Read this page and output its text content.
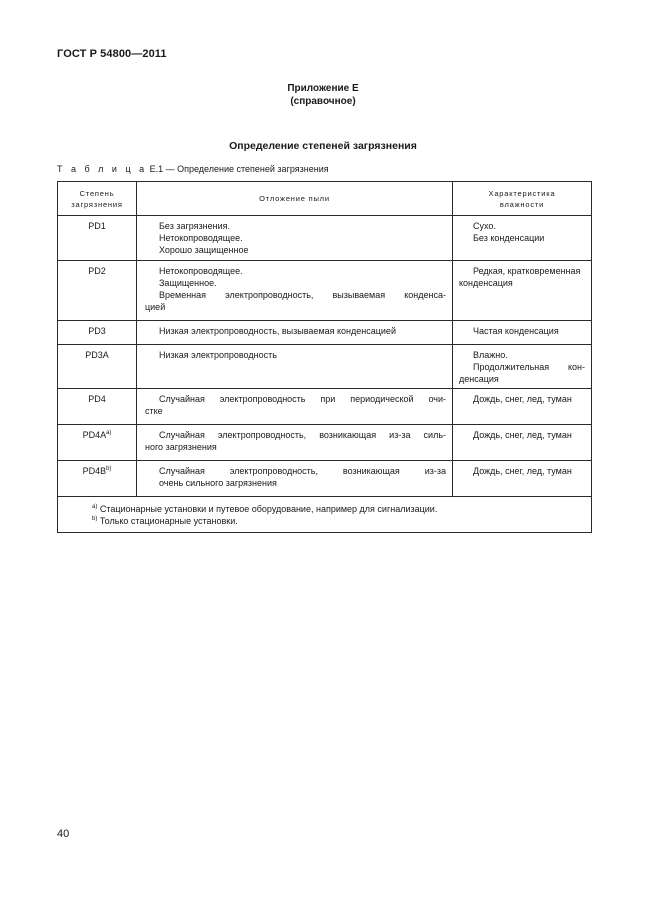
ГОСТ Р 54800—2011
Приложение Е
(справочное)
Определение степеней загрязнения
Т а б л и ц а Е.1 — Определение степеней загрязнения
Степень
загрязнения	Отложение пыли	Характеристика
влажности

PD1	Без загрязнения.
Нетокопроводящее.
Хорошо защищенное	Сухо.
Без конденсации

PD2	Нетокопроводящее.
Защищенное.
Временная электропроводность, вызываемая конденса-
цией	Редкая, кратковременная
конденсация

PD3	Низкая электропроводность, вызываемая конденсацией	Частая конденсация

PD3A	Низкая электропроводность	Влажно.
Продолжительная кон-
денсация

PD4	Случайная электропроводность при периодической очи-
стке	Дождь, снег, лед, туман

$PD4A^{a)}$	Случайная электропроводность, возникающая из-за силь-
ного загрязнения	Дождь, снег, лед, туман

$PD4B^{b)}$	Случайная электропроводность, возникающая из-за
очень сильного загрязнения	Дождь, снег, лед, туман

$^{a)}$ Стационарные установки и путевое оборудование, например для сигнализации.
$^{b)}$ Только стационарные установки.		
40
